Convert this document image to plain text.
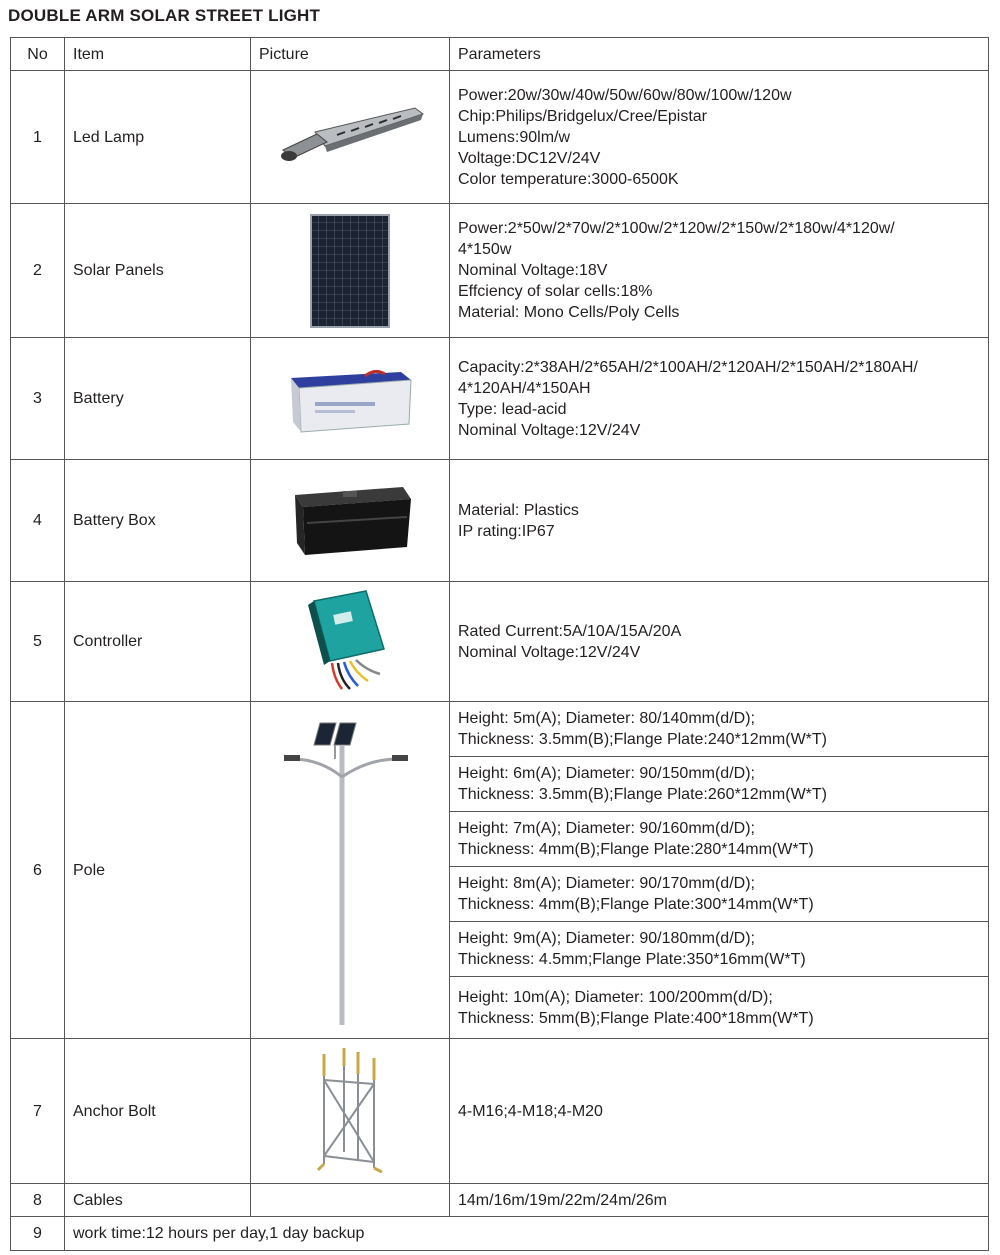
DOUBLE ARM SOLAR STREET LIGHT
No	Item	Picture	Parameters
1	Led Lamp		Power:20w/30w/40w/50w/60w/80w/100w/120w
Chip:Philips/Bridgelux/Cree/Epistar
Lumens:90lm/w
Voltage:DC12V/24V
Color temperature:3000-6500K

2	Solar Panels		Power:2*50w/2*70w/2*100w/2*120w/2*150w/2*180w/4*120w/
4*150w
Nominal Voltage:18V
Effciency of solar cells:18%
Material: Mono Cells/Poly Cells

3	Battery		Capacity:2*38AH/2*65AH/2*100AH/2*120AH/2*150AH/2*180AH/
4*120AH/4*150AH
Type: lead-acid
Nominal Voltage:12V/24V

4	Battery Box		Material: Plastics
IP rating:IP67

5	Controller		Rated Current:5A/10A/15A/20A
Nominal Voltage:12V/24V

6	Pole		Height: 5m(A); Diameter: 80/140mm(d/D);
Thickness: 3.5mm(B);Flange Plate:240*12mm(W*T)

			Height: 6m(A); Diameter: 90/150mm(d/D);
Thickness: 3.5mm(B);Flange Plate:260*12mm(W*T)

			Height: 7m(A); Diameter: 90/160mm(d/D);
Thickness: 4mm(B);Flange Plate:280*14mm(W*T)

			Height: 8m(A); Diameter: 90/170mm(d/D);
Thickness: 4mm(B);Flange Plate:300*14mm(W*T)

			Height: 9m(A); Diameter: 90/180mm(d/D);
Thickness: 4.5mm;Flange Plate:350*16mm(W*T)

			Height: 10m(A); Diameter: 100/200mm(d/D);
Thickness: 5mm(B);Flange Plate:400*18mm(W*T)

7	Anchor Bolt		4-M16;4-M18;4-M20

8	Cables		14m/16m/19m/22m/24m/26m

9	work time:12 hours per day,1 day backup		
